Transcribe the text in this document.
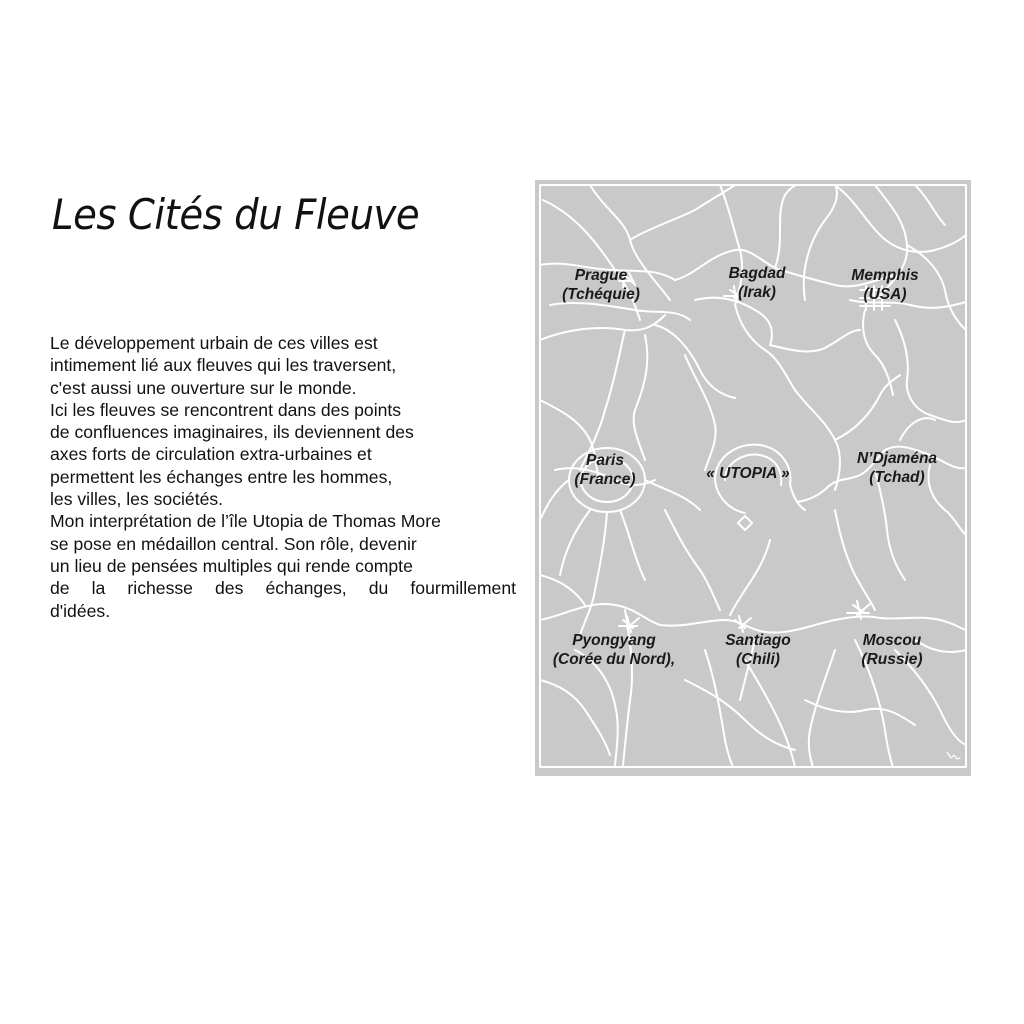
Les Cités du Fleuve
Le développement urbain de ces villes est
intimement lié aux fleuves qui les traversent,
c'est aussi une ouverture sur le monde.
Ici les fleuves se rencontrent dans des points
de confluences imaginaires, ils deviennent des
axes forts de circulation extra-urbaines et
permettent les échanges entre les hommes,
les villes, les sociétés.
Mon interprétation de l’île Utopia de Thomas More
se pose en médaillon central. Son rôle, devenir
un lieu de pensées multiples qui rende compte
de la richesse des échanges, du fourmillement
d'idées.
Prague
(Tchéquie)
Bagdad
(Irak)
Memphis
(USA)
Paris
(France)	« UTOPIA »
N’Djaména
(Tchad)
Pyongyang
(Corée du Nord),
Santiago
(Chili)
Moscou
(Russie)
